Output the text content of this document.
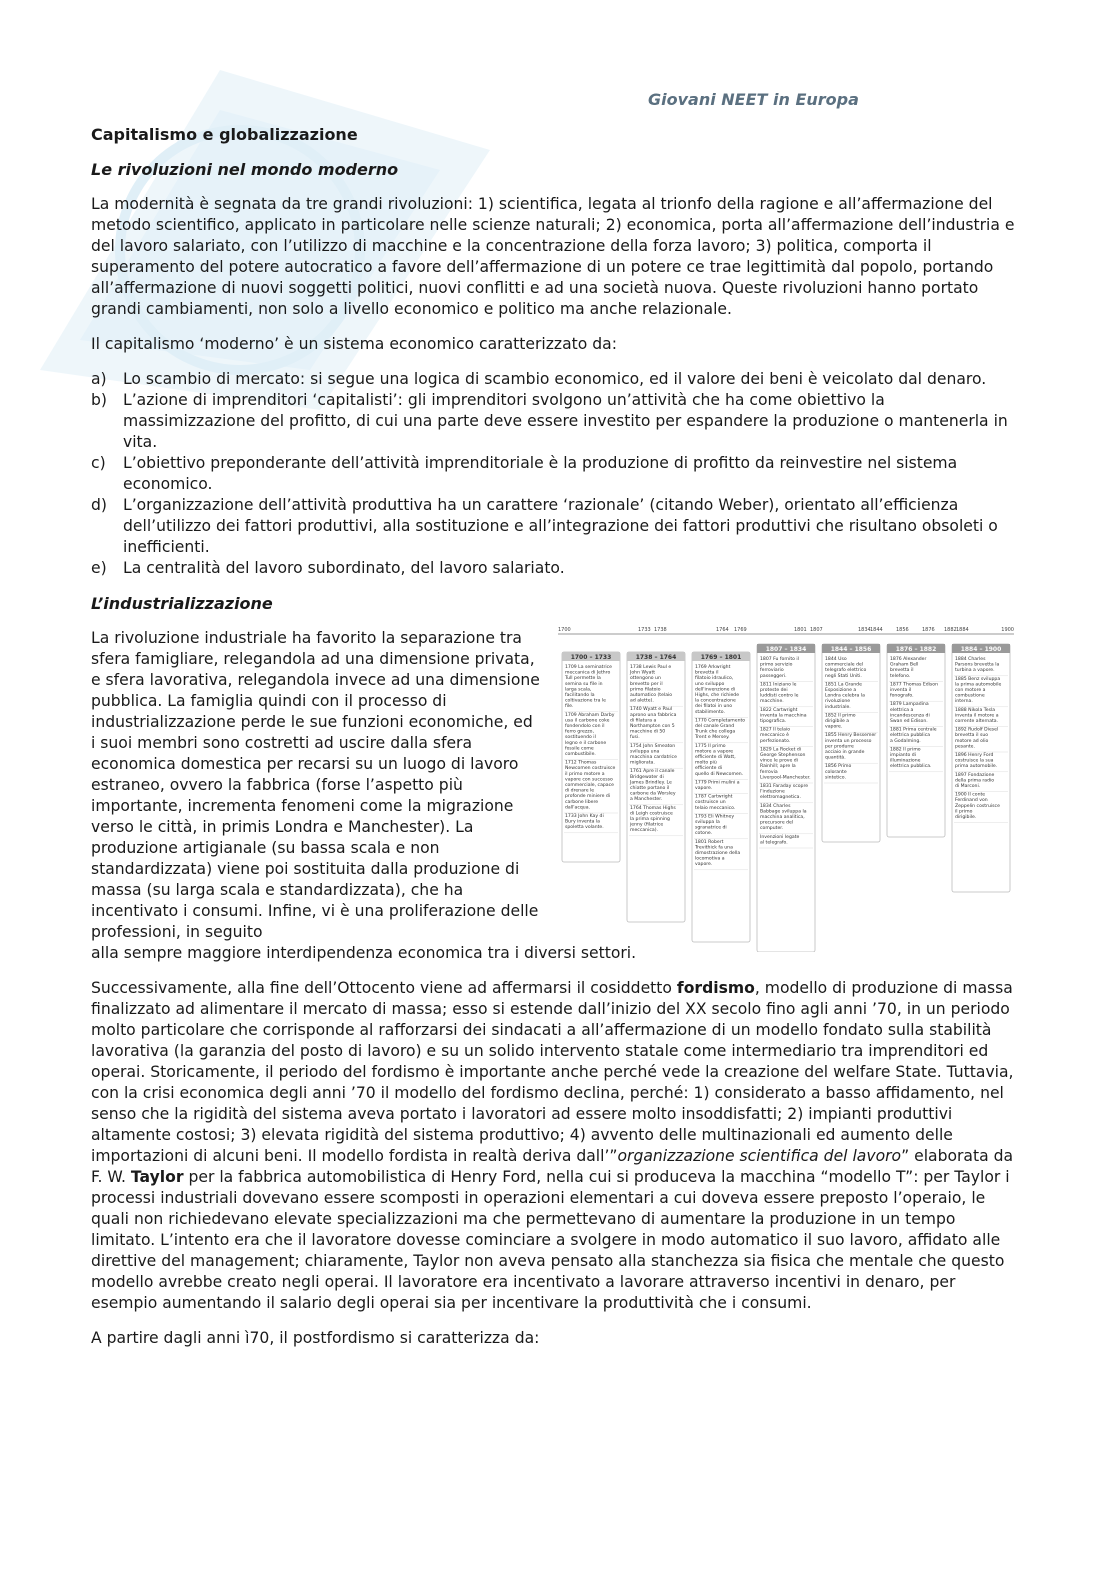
Giovani NEET in Europa
Capitalismo e globalizzazione
Le rivoluzioni nel mondo moderno

La modernità è segnata da tre grandi rivoluzioni: 1) scientifica, legata al trionfo della ragione e all’affermazione del metodo scientifico, applicato in particolare nelle scienze naturali; 2) economica, porta all’affermazione dell’industria e del lavoro salariato, con l’utilizzo di macchine e la concentrazione della forza lavoro; 3) politica, comporta il superamento del potere autocratico a favore dell’affermazione di un potere ce trae legittimità dal popolo, portando all’affermazione di nuovi soggetti politici, nuovi conflitti e ad una società nuova. Queste rivoluzioni hanno portato grandi cambiamenti, non solo a livello economico e politico ma anche relazionale.

Il capitalismo ‘moderno’ è un sistema economico caratterizzato da:

a)	Lo scambio di mercato: si segue una logica di scambio economico, ed il valore dei beni è veicolato dal denaro.
b)	L’azione di imprenditori ‘capitalisti’: gli imprenditori svolgono un’attività che ha come obiettivo la massimizzazione del profitto, di cui una parte deve essere investito per espandere la produzione o mantenerla in vita.
c)	L’obiettivo preponderante dell’attività imprenditoriale è la produzione di profitto da reinvestire nel sistema economico.
d)	L’organizzazione dell’attività produttiva ha un carattere ‘razionale’ (citando Weber), orientato all’efficienza dell’utilizzo dei fattori produttivi, alla sostituzione e all’integrazione dei fattori produttivi che risultano obsoleti o inefficienti.
e)	La centralità del lavoro subordinato, del lavoro salariato.
L’industrializzazione

La rivoluzione industriale ha favorito la separazione tra sfera famigliare, relegandola ad una dimensione privata, e sfera lavorativa, relegandola invece ad una dimensione pubblica. La famiglia quindi con il processo di industrializzazione perde le sue funzioni economiche, ed i suoi membri sono costretti ad uscire dalla sfera economica domestica per recarsi su un luogo di lavoro estraneo, ovvero la fabbrica (forse l’aspetto più importante, incrementa fenomeni come la migrazione verso le città, in primis Londra e Manchester). La produzione artigianale (su bassa scala e non standardizzata) viene poi sostituita dalla produzione di massa (su larga scala e standardizzata), che ha incentivato i consumi. Infine, vi è una proliferazione delle professioni, in seguito

alla sempre maggiore interdipendenza economica tra i diversi settori.

1700	1733 1738	1764 1769	1801 1807	1834 1844	1856	1876 1882 1884	1900
1700 – 1733
1709 La seminatrice meccanica di Jethro Tull permette la semina su file in larga scala, facilitando la coltivazione tra le file.
1709 Abraham Darby usa il carbone coke fondendolo con il ferro grezzo, sostituendo il legno e il carbone fossile come combustibile.
1712 Thomas Newcomen costruisce il primo motore a vapore con successo commerciale, capace di drenare le profonde miniere di carbone libere dall'acqua.
1733 John Kay di Bury inventa la spoletta volante.
1738 – 1764
1738 Lewis Paul e John Wyatt ottengono un brevetto per il primo filatoio automatico (telaio ad alette).
1740 Wyatt e Paul aprono una fabbrica di filatura a Northampton con 5 macchine di 50 fusi.
1754 John Smeaton sviluppa una macchina cardatrice migliorata.
1761 Apre il canale Bridgewater di James Brindley. Le chiatte portano il carbone da Worsley a Manchester.
1764 Thomas Highs di Leigh costruisce la prima spinning jenny (filatrice meccanica).
1769 – 1801
1769 Arkwright brevetta il filatoio idraulico, uno sviluppo dell'invenzione di Highs, che richiede la concentrazione dei filatoi in uno stabilimento.
1770 Completamento del canale Grand Trunk che collega Trent e Mersey.
1775 Il primo motore a vapore efficiente di Watt, molto più efficiente di quello di Newcomen.
1779 Primi mulini a vapore.
1787 Cartwright costruisce un telaio meccanico.
1793 Eli Whitney sviluppa la sgranatrice di cotone.
1801 Robert Trevithick fa una dimostrazione della locomotiva a vapore.
1807 – 1834
1807 Fu fornito il primo servizio ferroviario passeggeri.
1811 Iniziano le proteste dei luddisti contro le macchine.
1822 Cartwright inventa la macchina tipografica.
1827 Il telaio meccanico è perfezionato.
1829 La Rocket di George Stephenson vince le prove di Rainhill; apre la ferrovia Liverpool-Manchester.
1831 Faraday scopre l'induzione elettromagnetica.
1834 Charles Babbage sviluppa la macchina analitica, precursore del computer.
Invenzioni legate al telegrafo.
1844 – 1856
1844 Uso commerciale del telegrafo elettrico negli Stati Uniti.
1851 La Grande Esposizione a Londra celebra la rivoluzione industriale.
1852 Il primo dirigibile a vapore.
1855 Henry Bessemer inventa un processo per produrre acciaio in grande quantità.
1856 Primo colorante sintetico.
1876 – 1882
1876 Alexander Graham Bell brevetta il telefono.
1877 Thomas Edison inventa il fonografo.
1879 Lampadina elettrica a incandescenza di Swan ed Edison.
1881 Prima centrale elettrica pubblica a Godalming.
1882 Il primo impianto di illuminazione elettrica pubblica.
1884 – 1900
1884 Charles Parsons brevetta la turbina a vapore.
1885 Benz sviluppa la prima automobile con motore a combustione interna.
1888 Nikola Tesla inventa il motore a corrente alternata.
1892 Rudolf Diesel brevetta il suo motore ad olio pesante.
1896 Henry Ford costruisce la sua prima automobile.
1897 Fondazione della prima radio di Marconi.
1900 Il conte Ferdinand von Zeppelin costruisce il primo dirigibile.

Successivamente, alla fine dell’Ottocento viene ad affermarsi il cosiddetto fordismo, modello di produzione di massa finalizzato ad alimentare il mercato di massa; esso si estende dall’inizio del XX secolo fino agli anni ’70, in un periodo molto particolare che corrisponde al rafforzarsi dei sindacati a all’affermazione di un modello fondato sulla stabilità lavorativa (la garanzia del posto di lavoro) e su un solido intervento statale come intermediario tra imprenditori ed operai. Storicamente, il periodo del fordismo è importante anche perché vede la creazione del welfare State. Tuttavia, con la crisi economica degli anni ’70 il modello del fordismo declina, perché: 1) considerato a basso affidamento, nel senso che la rigidità del sistema aveva portato i lavoratori ad essere molto insoddisfatti; 2) impianti produttivi altamente costosi; 3) elevata rigidità del sistema produttivo; 4) avvento delle multinazionali ed aumento delle importazioni di alcuni beni. Il modello fordista in realtà deriva dall’”organizzazione scientifica del lavoro” elaborata da F. W. Taylor per la fabbrica automobilistica di Henry Ford, nella cui si produceva la macchina “modello T”: per Taylor i processi industriali dovevano essere scomposti in operazioni elementari a cui doveva essere preposto l’operaio, le quali non richiedevano elevate specializzazioni ma che permettevano di aumentare la produzione in un tempo limitato. L’intento era che il lavoratore dovesse cominciare a svolgere in modo automatico il suo lavoro, affidato alle direttive del management; chiaramente, Taylor non aveva pensato alla stanchezza sia fisica che mentale che questo modello avrebbe creato negli operai. Il lavoratore era incentivato a lavorare attraverso incentivi in denaro, per esempio aumentando il salario degli operai sia per incentivare la produttività che i consumi.

A partire dagli anni ì70, il postfordismo si caratterizza da:
